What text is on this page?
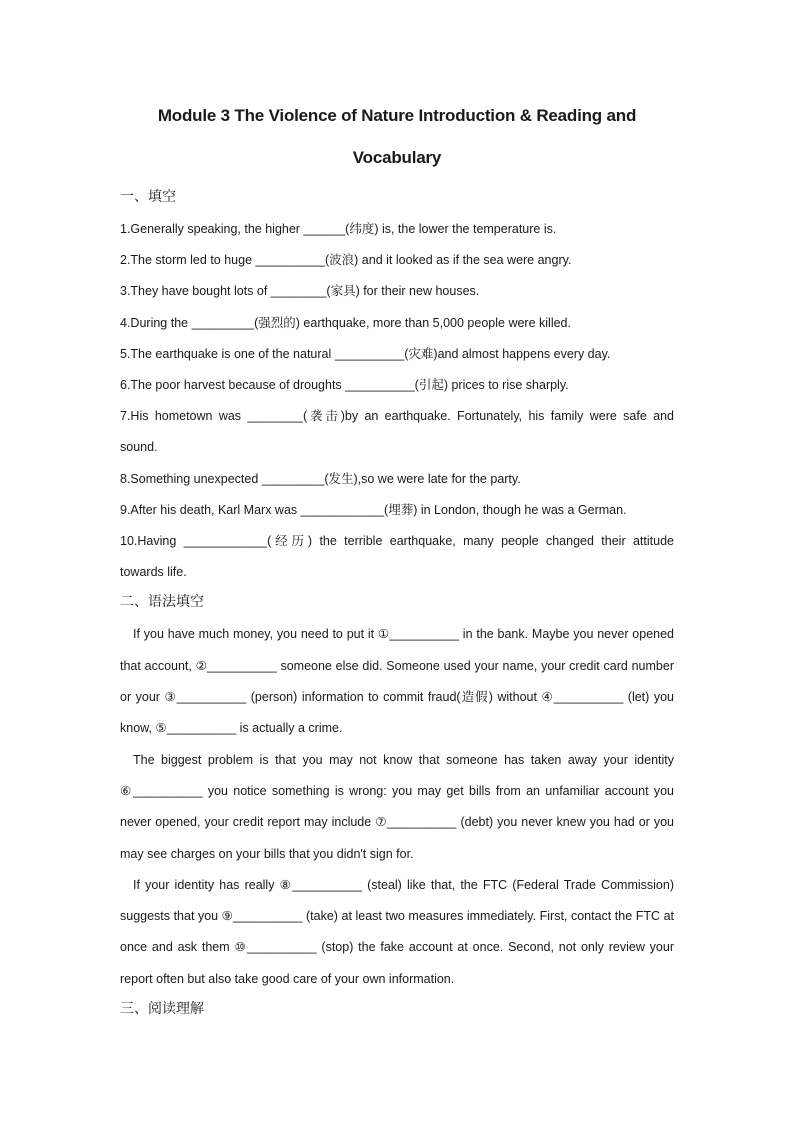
Module 3 The Violence of Nature Introduction & Reading and
Vocabulary
一、填空
1.Generally speaking, the higher ______(纬度) is, the lower the temperature is.
2.The storm led to huge __________(波浪) and it looked as if the sea were angry.
3.They have bought lots of ________(家具) for their new houses.
4.During the _________(强烈的) earthquake, more than 5,000 people were killed.
5.The earthquake is one of the natural __________(灾难)and almost happens every day.
6.The poor harvest because of droughts __________(引起) prices to rise sharply.
7.His hometown was ________(袭击)by an earthquake. Fortunately, his family were safe and sound.
8.Something unexpected _________(发生),so we were late for the party.
9.After his death, Karl Marx was ____________(埋葬) in London, though he was a German.
10.Having ____________(经历) the terrible earthquake, many people changed their attitude towards life.
二、语法填空
If you have much money, you need to put it ①__________ in the bank. Maybe you never opened that account, ②__________ someone else did. Someone used your name, your credit card number or your ③__________ (person) information to commit fraud(造假) without ④__________ (let) you know, ⑤__________ is actually a crime.
The biggest problem is that you may not know that someone has taken away your identity ⑥__________ you notice something is wrong: you may get bills from an unfamiliar account you never opened, your credit report may include ⑦__________ (debt) you never knew you had or you may see charges on your bills that you didn't sign for.
If your identity has really ⑧__________ (steal) like that, the FTC (Federal Trade Commission) suggests that you ⑨__________ (take) at least two measures immediately. First, contact the FTC at once and ask them ⑩__________ (stop) the fake account at once. Second, not only review your report often but also take good care of your own information.
三、阅读理解
